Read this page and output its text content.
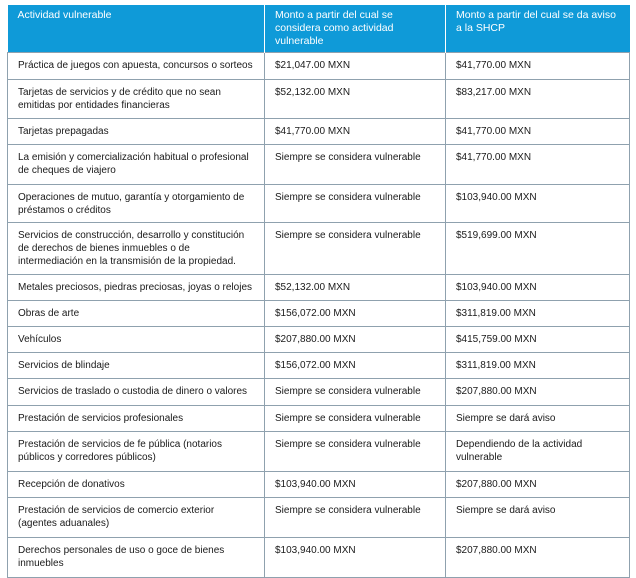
Actividad vulnerable	Monto a partir del cual se considera como actividad vulnerable	Monto a partir del cual se da aviso a la SHCP
Práctica de juegos con apuesta, concursos o sorteos	$21,047.00 MXN	$41,770.00 MXN
Tarjetas de servicios y de crédito que no sean emitidas por entidades financieras	$52,132.00 MXN	$83,217.00 MXN
Tarjetas prepagadas	$41,770.00 MXN	$41,770.00 MXN
La emisión y comercialización habitual o profesional de cheques de viajero	Siempre se considera vulnerable	$41,770.00 MXN
Operaciones de mutuo, garantía y otorgamiento de préstamos o créditos	Siempre se considera vulnerable	$103,940.00 MXN
Servicios de construcción, desarrollo y constitución de derechos de bienes inmuebles o de intermediación en la transmisión de la propiedad.	Siempre se considera vulnerable	$519,699.00 MXN
Metales preciosos, piedras preciosas, joyas o relojes	$52,132.00 MXN	$103,940.00 MXN
Obras de arte	$156,072.00 MXN	$311,819.00 MXN
Vehículos	$207,880.00 MXN	$415,759.00 MXN
Servicios de blindaje	$156,072.00 MXN	$311,819.00 MXN
Servicios de traslado o custodia de dinero o valores	Siempre se considera vulnerable	$207,880.00 MXN
Prestación de servicios profesionales	Siempre se considera vulnerable	Siempre se dará aviso
Prestación de servicios de fe pública (notarios públicos y corredores públicos)	Siempre se considera vulnerable	Dependiendo de la actividad vulnerable
Recepción de donativos	$103,940.00 MXN	$207,880.00 MXN
Prestación de servicios de comercio exterior (agentes aduanales)	Siempre se considera vulnerable	Siempre se dará aviso
Derechos personales de uso o goce de bienes inmuebles	$103,940.00 MXN	$207,880.00 MXN
